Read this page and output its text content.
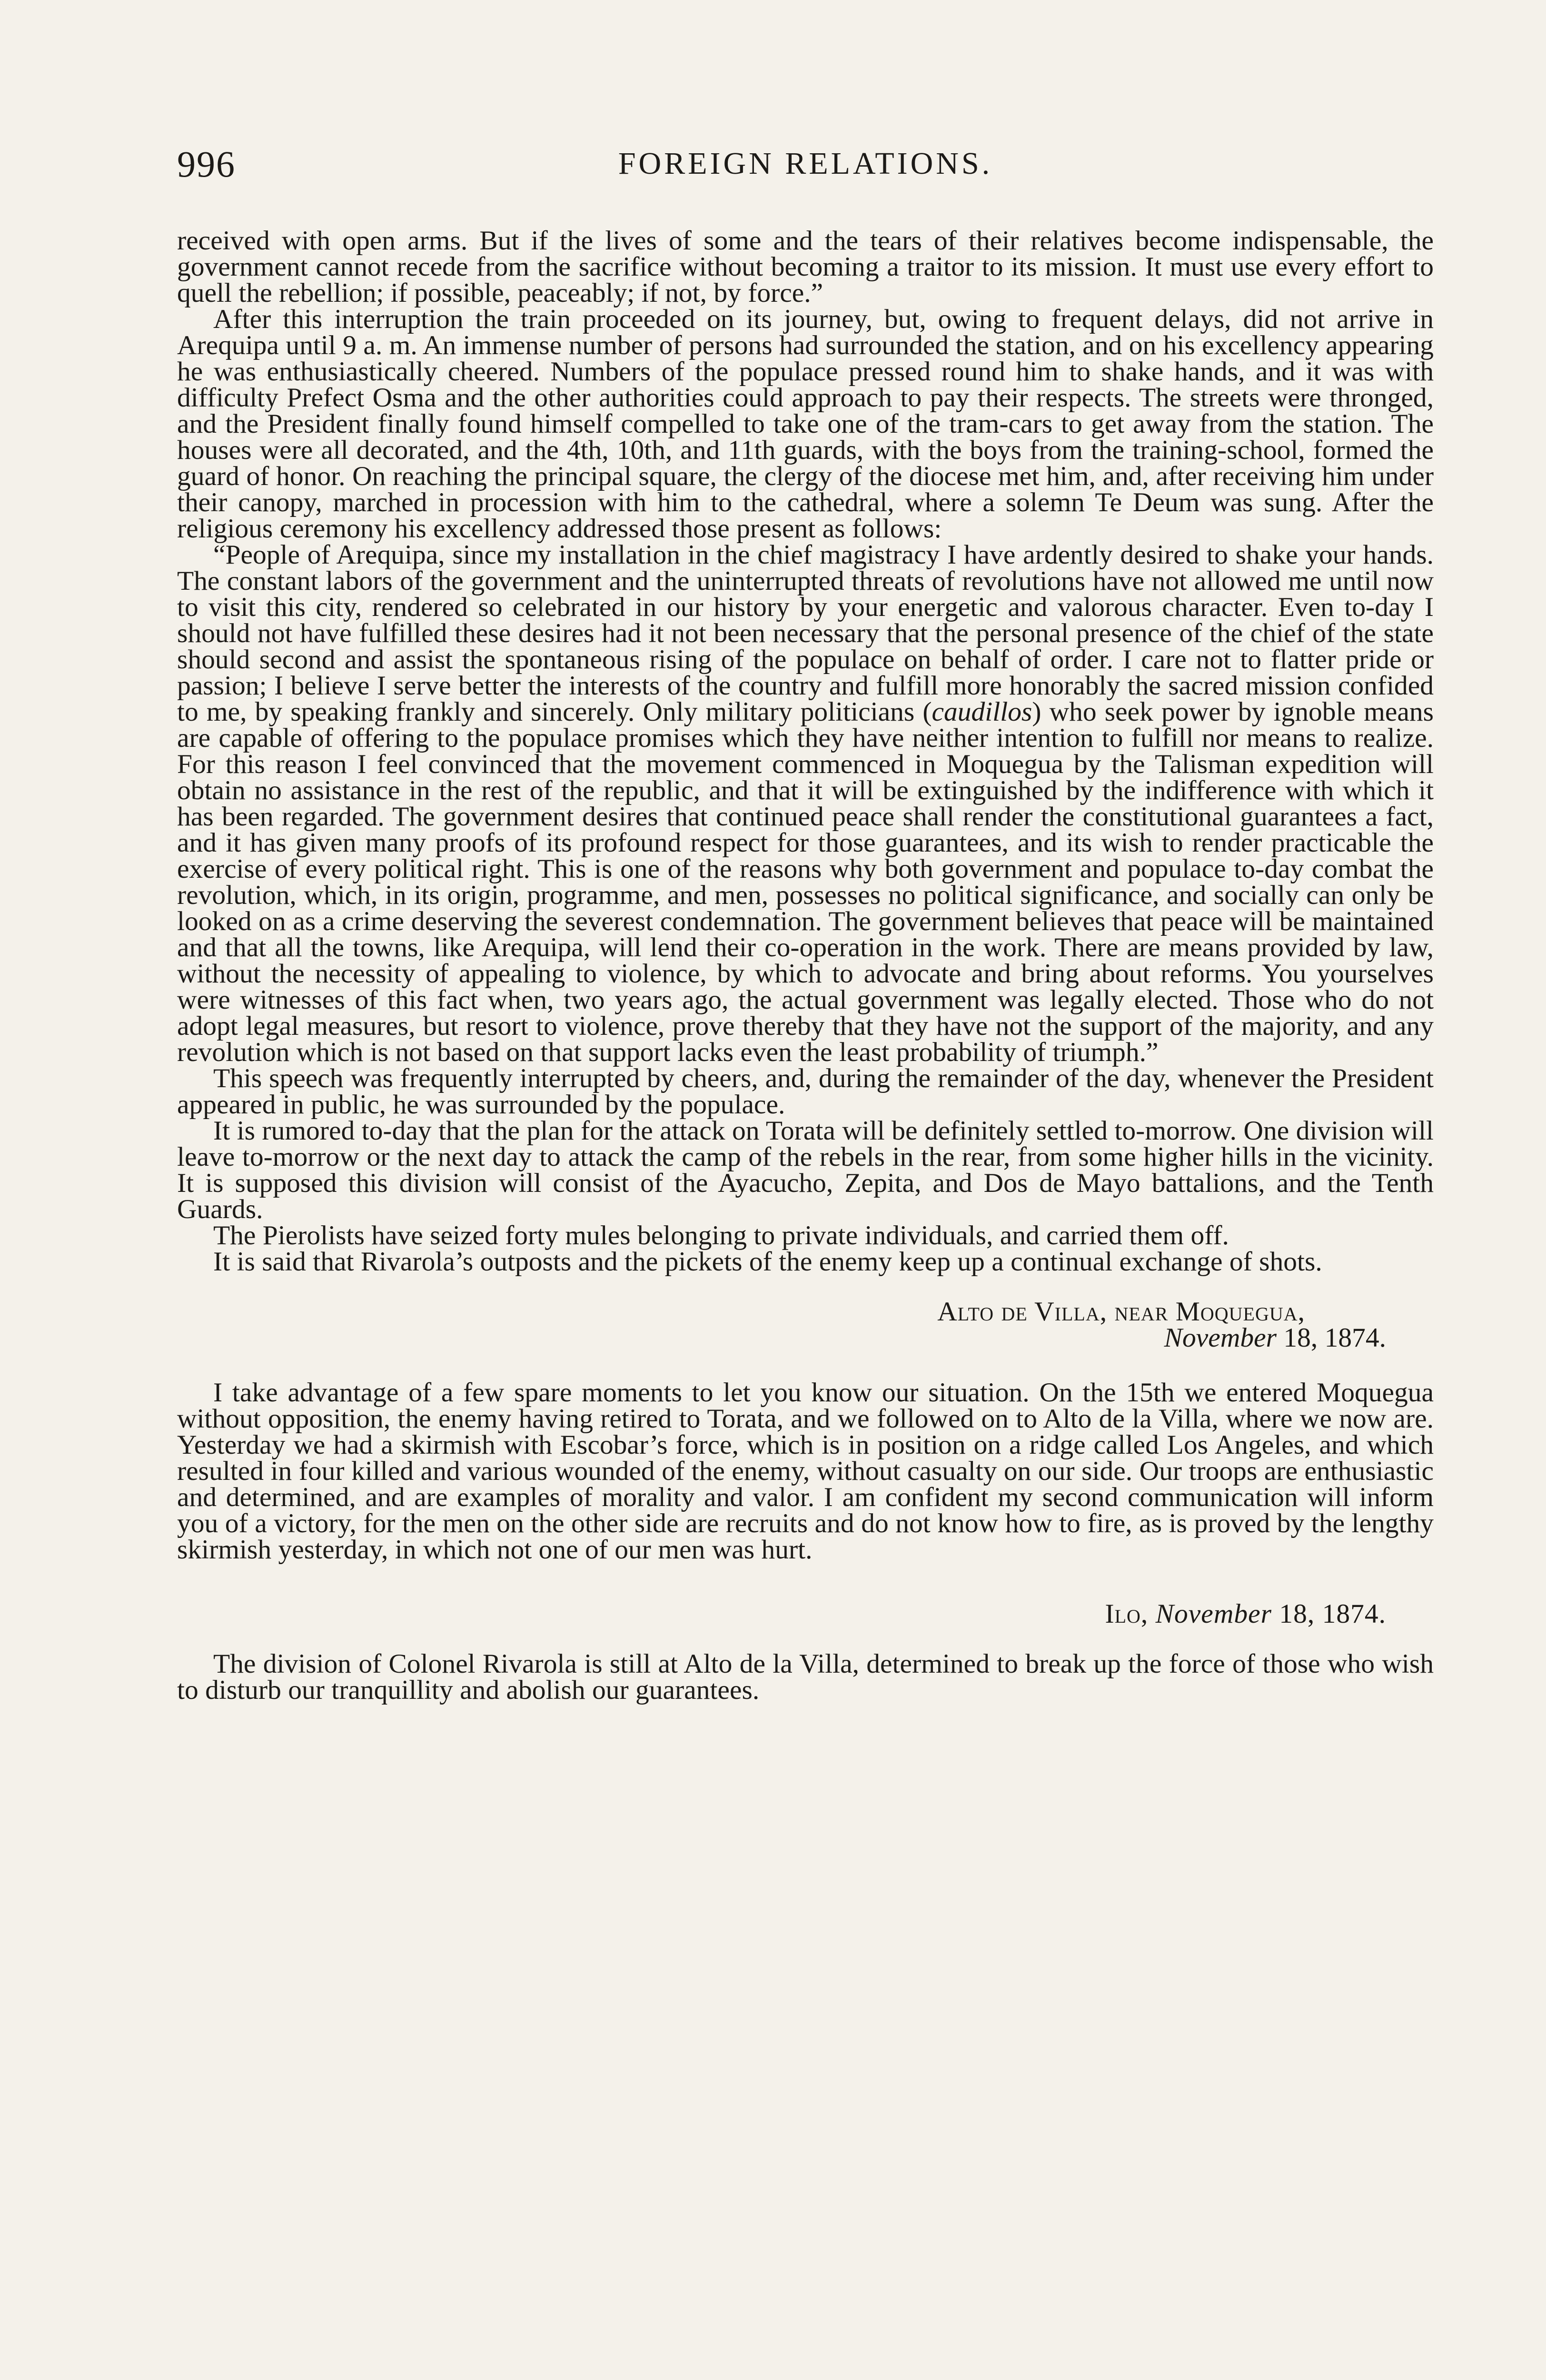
996	FOREIGN RELATIONS.

received with open arms. But if the lives of some and the tears of their relatives become indispensable, the government cannot recede from the sacrifice without becoming a traitor to its mission. It must use every effort to quell the rebellion; if possible, peaceably; if not, by force.”

After this interruption the train proceeded on its journey, but, owing to frequent delays, did not arrive in Arequipa until 9 a. m. An immense number of persons had surrounded the station, and on his excellency appearing he was enthusiastically cheered. Numbers of the populace pressed round him to shake hands, and it was with difficulty Prefect Osma and the other authorities could approach to pay their respects. The streets were thronged, and the President finally found himself compelled to take one of the tram-cars to get away from the station. The houses were all decorated, and the 4th, 10th, and 11th guards, with the boys from the training-school, formed the guard of honor. On reaching the principal square, the clergy of the diocese met him, and, after receiving him under their canopy, marched in procession with him to the cathedral, where a solemn Te Deum was sung. After the religious ceremony his excellency addressed those present as follows:

“People of Arequipa, since my installation in the chief magistracy I have ardently desired to shake your hands. The constant labors of the government and the uninterrupted threats of revolutions have not allowed me until now to visit this city, rendered so celebrated in our history by your energetic and valorous character. Even to-day I should not have fulfilled these desires had it not been necessary that the personal presence of the chief of the state should second and assist the spontaneous rising of the populace on behalf of order. I care not to flatter pride or passion; I believe I serve better the interests of the country and fulfill more honorably the sacred mission confided to me, by speaking frankly and sincerely. Only military politicians (caudillos) who seek power by ignoble means are capable of offering to the populace promises which they have neither intention to fulfill nor means to realize. For this reason I feel convinced that the movement commenced in Moquegua by the Talisman expedition will obtain no assistance in the rest of the republic, and that it will be extinguished by the indifference with which it has been regarded. The government desires that continued peace shall render the constitutional guarantees a fact, and it has given many proofs of its profound respect for those guarantees, and its wish to render practicable the exercise of every political right. This is one of the reasons why both government and populace to-day combat the revolution, which, in its origin, programme, and men, possesses no political significance, and socially can only be looked on as a crime deserving the severest condemnation. The government believes that peace will be maintained and that all the towns, like Arequipa, will lend their co-operation in the work. There are means provided by law, without the necessity of appealing to violence, by which to advocate and bring about reforms. You yourselves were witnesses of this fact when, two years ago, the actual government was legally elected. Those who do not adopt legal measures, but resort to violence, prove thereby that they have not the support of the majority, and any revolution which is not based on that support lacks even the least probability of triumph.”

This speech was frequently interrupted by cheers, and, during the remainder of the day, whenever the President appeared in public, he was surrounded by the populace.

It is rumored to-day that the plan for the attack on Torata will be definitely settled to-morrow. One division will leave to-morrow or the next day to attack the camp of the rebels in the rear, from some higher hills in the vicinity. It is supposed this division will consist of the Ayacucho, Zepita, and Dos de Mayo battalions, and the Tenth Guards.

The Pierolists have seized forty mules belonging to private individuals, and carried them off.

It is said that Rivarola’s outposts and the pickets of the enemy keep up a continual exchange of shots.

Alto de Villa, near Moquegua,
November 18, 1874.

I take advantage of a few spare moments to let you know our situation. On the 15th we entered Moquegua without opposition, the enemy having retired to Torata, and we followed on to Alto de la Villa, where we now are. Yesterday we had a skirmish with Escobar’s force, which is in position on a ridge called Los Angeles, and which resulted in four killed and various wounded of the enemy, without casualty on our side. Our troops are enthusiastic and determined, and are examples of morality and valor. I am confident my second communication will inform you of a victory, for the men on the other side are recruits and do not know how to fire, as is proved by the lengthy skirmish yesterday, in which not one of our men was hurt.

Ilo, November 18, 1874.

The division of Colonel Rivarola is still at Alto de la Villa, determined to break up the force of those who wish to disturb our tranquillity and abolish our guarantees.
